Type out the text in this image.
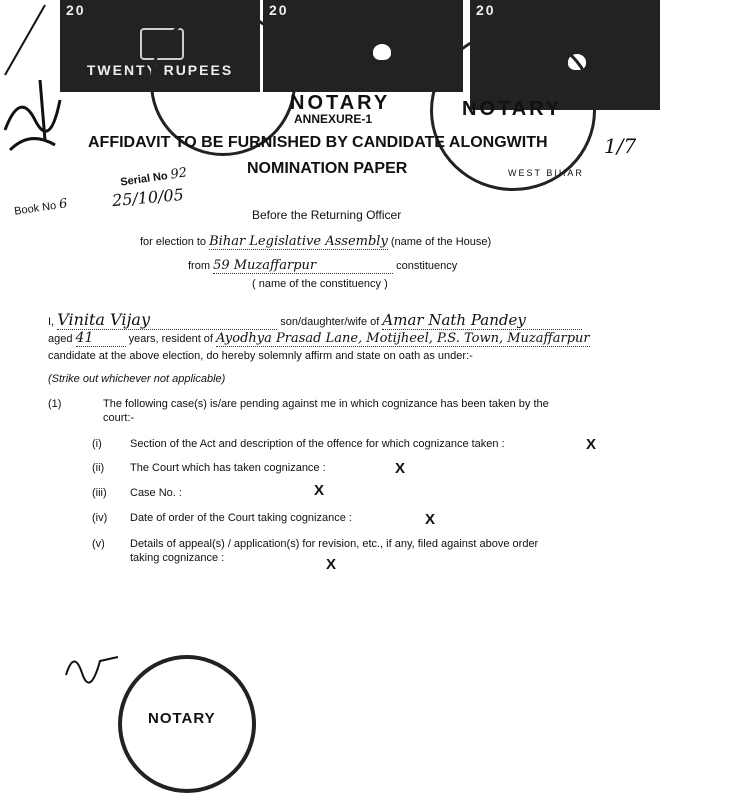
20
TWENTY RUPEES
20	20
NOTARY	NOTARY
WEST BIHAR
ANNEXURE-1
AFFIDAVIT TO BE FURNISHED BY CANDIDATE ALONGWITH
NOMINATION PAPER
1/7
Book No 6
Serial No 92
25/10/05
Before the Returning Officer
for election to Bihar Legislative Assembly (name of the House)
from 59 Muzaffarpur	constituency
( name of the constituency )
I, Vinita Vijay	son/daughter/wife of Amar Nath Pandey
aged 41	years, resident of Ayodhya Prasad Lane, Motijheel, P.S. Town, Muzaffarpur
candidate at the above election, do hereby solemnly affirm and state on oath as under:-
(Strike out whichever not applicable)
(1)	The following case(s) is/are pending against me in which cognizance has been taken by the
court:-
(i)	Section of the Act and description of the offence for which cognizance taken :	X
(ii) The Court which has taken cognizance :	X
(iii) Case No. :	X
(iv) Date of order of the Court taking cognizance :	X
(v) Details of appeal(s) / application(s) for revision, etc., if any, filed against above order
taking cognizance :	X
NOTARY
